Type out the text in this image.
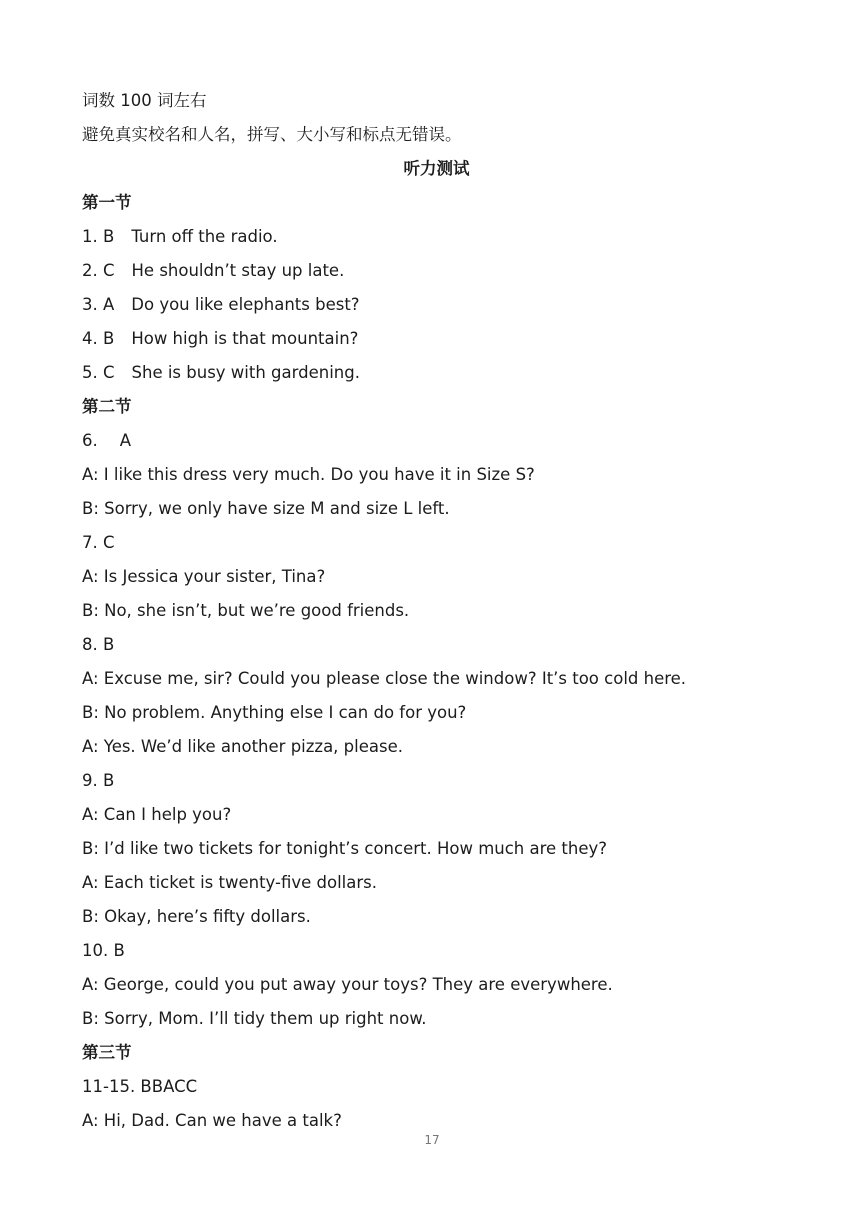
词数 100 词左右
避免真实校名和人名，拼写、大小写和标点无错误。
听力测试
第一节
1. B Turn off the radio.
2. C He shouldn’t stay up late.
3. A Do you like elephants best?
4. B How high is that mountain?
5. C She is busy with gardening.
第二节
6. A
A: I like this dress very much. Do you have it in Size S?
B: Sorry, we only have size M and size L left.
7. C
A: Is Jessica your sister, Tina?
B: No, she isn’t, but we’re good friends.
8. B
A: Excuse me, sir? Could you please close the window? It’s too cold here.
B: No problem. Anything else I can do for you?
A: Yes. We’d like another pizza, please.
9. B
A: Can I help you?
B: I’d like two tickets for tonight’s concert. How much are they?
A: Each ticket is twenty-five dollars.
B: Okay, here’s fifty dollars.
10. B
A: George, could you put away your toys? They are everywhere.
B: Sorry, Mom. I’ll tidy them up right now.
第三节
11-15. BBACC
A: Hi, Dad. Can we have a talk?
17
